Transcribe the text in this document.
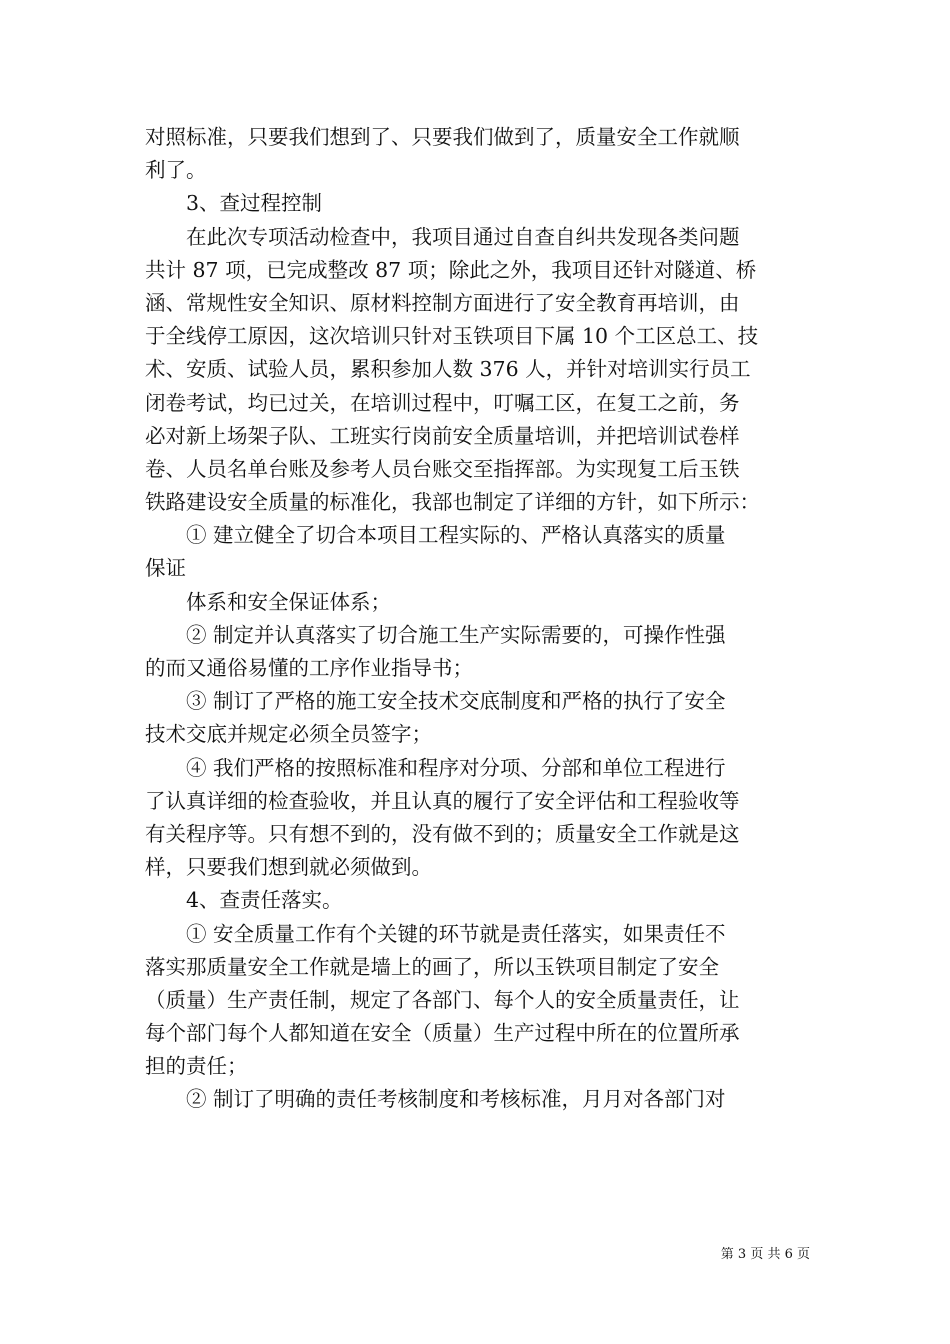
对照标准，只要我们想到了、只要我们做到了，质量安全工作就顺
利了。
3、查过程控制
在此次专项活动检查中，我项目通过自查自纠共发现各类问题
共计 87 项，已完成整改 87 项；除此之外，我项目还针对隧道、桥
涵、常规性安全知识、原材料控制方面进行了安全教育再培训，由
于全线停工原因，这次培训只针对玉铁项目下属 10 个工区总工、技
术、安质、试验人员，累积参加人数 376 人，并针对培训实行员工
闭卷考试，均已过关，在培训过程中，叮嘱工区，在复工之前，务
必对新上场架子队、工班实行岗前安全质量培训，并把培训试卷样
卷、人员名单台账及参考人员台账交至指挥部。为实现复工后玉铁
铁路建设安全质量的标准化，我部也制定了详细的方针，如下所示：
① 建立健全了切合本项目工程实际的、严格认真落实的质量
保证
体系和安全保证体系；
② 制定并认真落实了切合施工生产实际需要的，可操作性强
的而又通俗易懂的工序作业指导书；
③ 制订了严格的施工安全技术交底制度和严格的执行了安全
技术交底并规定必须全员签字；
④ 我们严格的按照标准和程序对分项、分部和单位工程进行
了认真详细的检查验收，并且认真的履行了安全评估和工程验收等
有关程序等。只有想不到的，没有做不到的；质量安全工作就是这
样，只要我们想到就必须做到。
4、查责任落实。
① 安全质量工作有个关键的环节就是责任落实，如果责任不
落实那质量安全工作就是墙上的画了，所以玉铁项目制定了安全
（质量）生产责任制，规定了各部门、每个人的安全质量责任，让
每个部门每个人都知道在安全（质量）生产过程中所在的位置所承
担的责任；
② 制订了明确的责任考核制度和考核标准，月月对各部门对
第 3 页 共 6 页
